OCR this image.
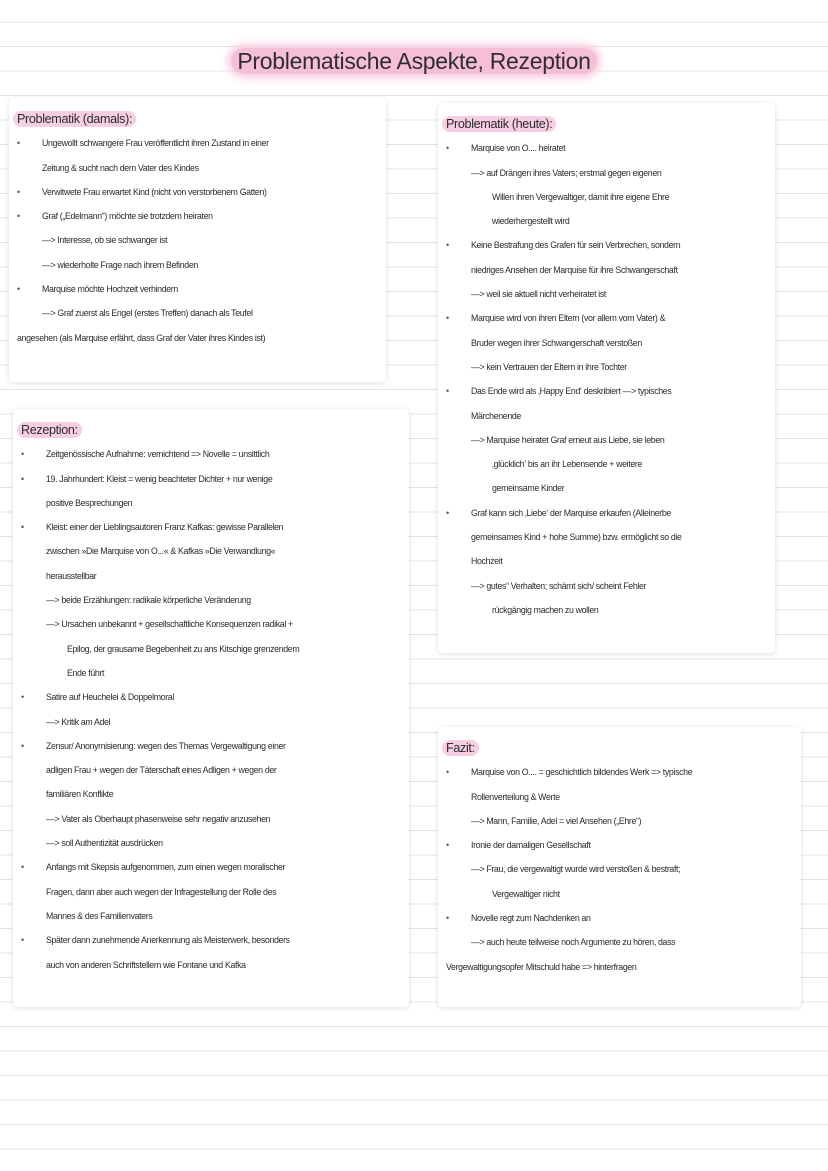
Problematische Aspekte, Rezeption
Problematik (damals):
• Ungewollt schwangere Frau veröffentlicht ihren Zustand in einer
Zeitung & sucht nach dem Vater des Kindes
• Verwitwete Frau erwartet Kind (nicht von verstorbenem Gatten)
• Graf („Edelmann“) möchte sie trotzdem heiraten
—> Interesse, ob sie schwanger ist
—> wiederholte Frage nach ihrem Befinden
• Marquise möchte Hochzeit verhindern
—> Graf zuerst als Engel (erstes Treffen) danach als Teufel
angesehen (als Marquise erfährt, dass Graf der Vater ihres Kindes ist)
Problematik (heute):
• Marquise von O.... heiratet
—> auf Drängen ihres Vaters; erstmal gegen eigenen
Willen ihren Vergewaltiger, damit ihre eigene Ehre
wiederhergestellt wird
• Keine Bestrafung des Grafen für sein Verbrechen, sondern
niedriges Ansehen der Marquise für ihre Schwangerschaft
—> weil sie aktuell nicht verheiratet ist
• Marquise wird von ihren Eltern (vor allem vom Vater) &
Bruder wegen ihrer Schwangerschaft verstoßen
—> kein Vertrauen der Eltern in ihre Tochter
• Das Ende wird als ‚Happy End‘ deskribiert —> typisches
Märchenende
—> Marquise heiratet Graf erneut aus Liebe, sie leben
‚glücklich‘ bis an ihr Lebensende + weitere
gemeinsame Kinder
• Graf kann sich ‚Liebe‘ der Marquise erkaufen (Alleinerbe
gemeinsames Kind + hohe Summe) bzw. ermöglicht so die
Hochzeit
—> gutes“ Verhalten; schämt sich/ scheint Fehler
rückgängig machen zu wollen
Rezeption:
• Zeitgenössische Aufnahme: vernichtend => Novelle = unsittlich
• 19. Jahrhundert: Kleist = wenig beachteter Dichter + nur wenige
positive Besprechungen
• Kleist: einer der Lieblingsautoren Franz Kafkas: gewisse Parallelen
zwischen »Die Marquise von O...« & Kafkas »Die Verwandlung«
herausstellbar
—> beide Erzählungen: radikale körperliche Veränderung
—> Ursachen unbekannt + gesellschaftliche Konsequenzen radikal +
Epilog, der grausame Begebenheit zu ans Kitschige grenzendem
Ende führt
• Satire auf Heuchelei & Doppelmoral
—> Kritik am Adel
• Zensur/ Anonymisierung: wegen des Themas Vergewaltigung einer
adligen Frau + wegen der Täterschaft eines Adligen + wegen der
familiären Konflikte
—> Vater als Oberhaupt phasenweise sehr negativ anzusehen
—> soll Authentizität ausdrücken
• Anfangs mit Skepsis aufgenommen, zum einen wegen moralischer
Fragen, dann aber auch wegen der Infragestellung der Rolle des
Mannes & des Familienvaters
• Später dann zunehmende Anerkennung als Meisterwerk, besonders
auch von anderen Schriftstellern wie Fontane und Kafka
Fazit:
• Marquise von O.... = geschichtlich bildendes Werk => typische
Rollenverteilung & Werte
—> Mann, Familie, Adel = viel Ansehen („Ehre“)
• Ironie der damaligen Gesellschaft
—> Frau, die vergewaltigt wurde wird verstoßen & bestraft;
Vergewaltiger nicht
• Novelle regt zum Nachdenken an
—> auch heute teilweise noch Argumente zu hören, dass
Vergewaltigungsopfer Mitschuld habe => hinterfragen
